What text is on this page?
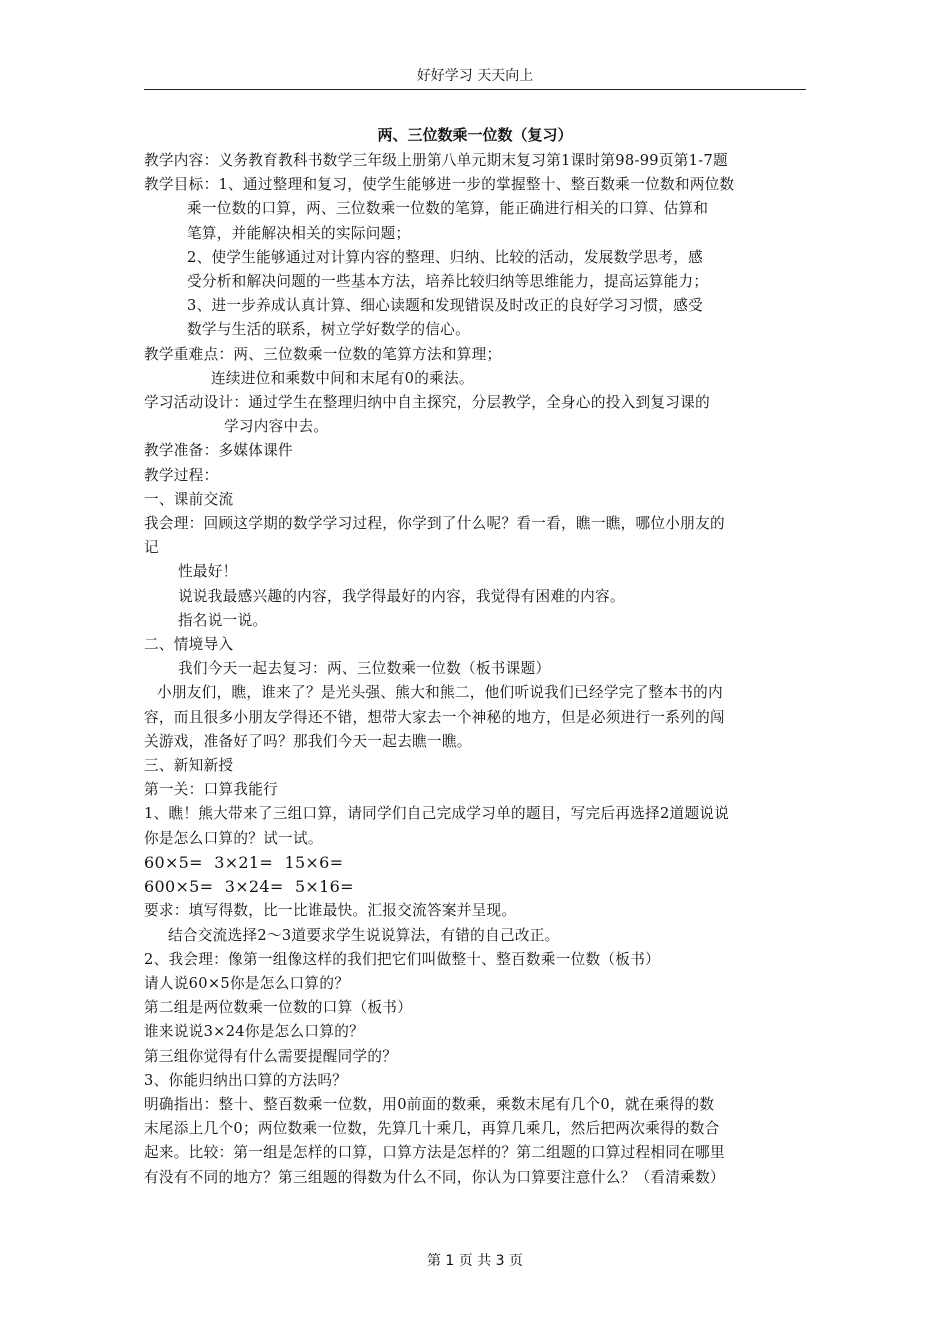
好好学习 天天向上
两、三位数乘一位数（复习）

教学内容：义务教育教科书数学三年级上册第八单元期末复习第1课时第98-99页第1-7题

教学目标：1、通过整理和复习，使学生能够进一步的掌握整十、整百数乘一位数和两位数

乘一位数的口算，两、三位数乘一位数的笔算，能正确进行相关的口算、估算和

笔算，并能解决相关的实际问题；

2、使学生能够通过对计算内容的整理、归纳、比较的活动，发展数学思考，感

受分析和解决问题的一些基本方法，培养比较归纳等思维能力，提高运算能力；

3、进一步养成认真计算、细心读题和发现错误及时改正的良好学习习惯，感受

数学与生活的联系，树立学好数学的信心。

教学重难点：两、三位数乘一位数的笔算方法和算理；

连续进位和乘数中间和末尾有0的乘法。

学习活动设计：通过学生在整理归纳中自主探究，分层教学，全身心的投入到复习课的

学习内容中去。

教学准备：多媒体课件

教学过程：

一、课前交流

我会理：回顾这学期的数学学习过程，你学到了什么呢？看一看，瞧一瞧，哪位小朋友的

记

性最好！

说说我最感兴趣的内容，我学得最好的内容，我觉得有困难的内容。

指名说一说。

二、情境导入

我们今天一起去复习：两、三位数乘一位数（板书课题）

小朋友们，瞧，谁来了？是光头强、熊大和熊二，他们听说我们已经学完了整本书的内

容，而且很多小朋友学得还不错，想带大家去一个神秘的地方，但是必须进行一系列的闯

关游戏，准备好了吗？那我们今天一起去瞧一瞧。

三、新知新授

第一关：口算我能行

1、瞧！熊大带来了三组口算，请同学们自己完成学习单的题目，写完后再选择2道题说说

你是怎么口算的？试一试。

60×5= 3×21= 15×6=

600×5= 3×24= 5×16=

要求：填写得数，比一比谁最快。汇报交流答案并呈现。

结合交流选择2～3道要求学生说说算法，有错的自己改正。

2、我会理：像第一组像这样的我们把它们叫做整十、整百数乘一位数（板书）

请人说60×5你是怎么口算的？

第二组是两位数乘一位数的口算（板书）

谁来说说3×24你是怎么口算的？

第三组你觉得有什么需要提醒同学的？

3、你能归纳出口算的方法吗？

明确指出：整十、整百数乘一位数，用0前面的数乘，乘数末尾有几个0，就在乘得的数

末尾添上几个0；两位数乘一位数，先算几十乘几，再算几乘几，然后把两次乘得的数合

起来。比较：第一组是怎样的口算，口算方法是怎样的？第二组题的口算过程相同在哪里

有没有不同的地方？第三组题的得数为什么不同，你认为口算要注意什么？（看清乘数）

第 1 页 共 3 页
